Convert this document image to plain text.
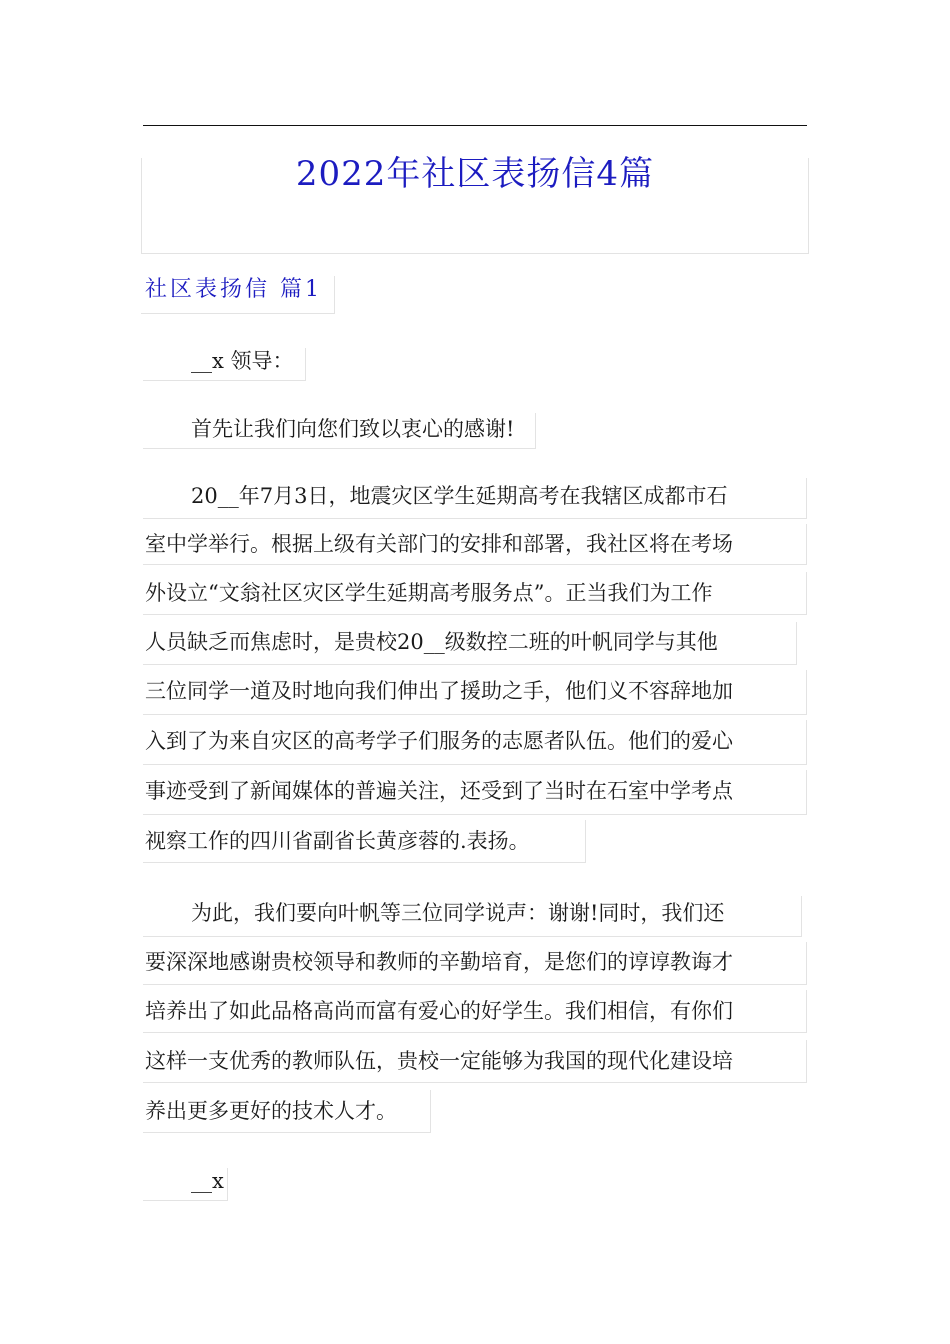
2022年社区表扬信4篇
社区表扬信 篇1
__x 领导：
首先让我们向您们致以衷心的感谢!
20__年7月3日，地震灾区学生延期高考在我辖区成都市石
室中学举行。根据上级有关部门的安排和部署，我社区将在考场
外设立“文翁社区灾区学生延期高考服务点”。正当我们为工作
人员缺乏而焦虑时，是贵校20__级数控二班的叶帆同学与其他
三位同学一道及时地向我们伸出了援助之手，他们义不容辞地加
入到了为来自灾区的高考学子们服务的志愿者队伍。他们的爱心
事迹受到了新闻媒体的普遍关注，还受到了当时在石室中学考点
视察工作的四川省副省长黄彦蓉的.表扬。
为此，我们要向叶帆等三位同学说声：谢谢!同时，我们还
要深深地感谢贵校领导和教师的辛勤培育，是您们的谆谆教诲才
培养出了如此品格高尚而富有爱心的好学生。我们相信，有你们
这样一支优秀的教师队伍，贵校一定能够为我国的现代化建设培
养出更多更好的技术人才。
__x
